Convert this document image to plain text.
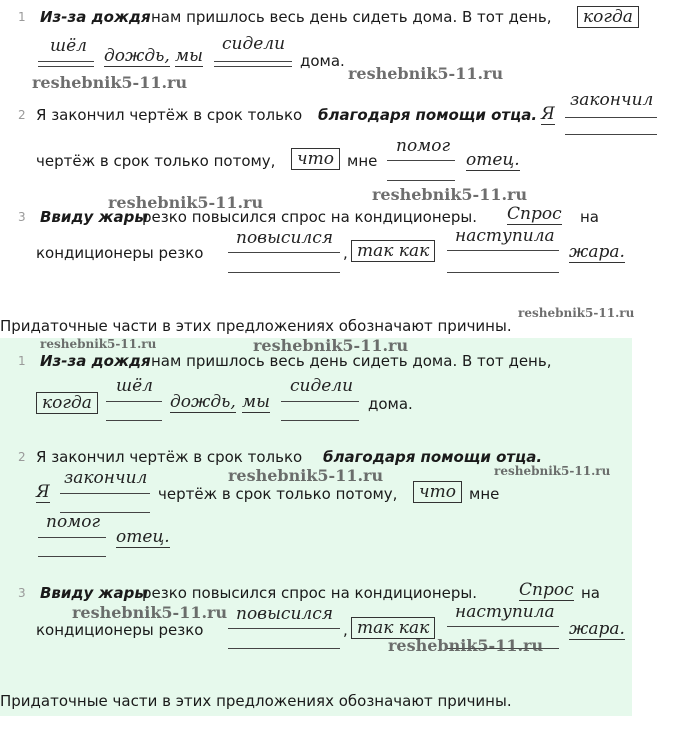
1 Из-за дождя нам пришлось весь день сидеть дома. В тот день,	когда
шёл дождь, мы
сидели
дома.
reshebnik5-11.ru	reshebnik5-11.ru
2 Я закончил чертёж в срок только благодаря помощи отца. Я
закончил
чертёж в срок только потому,	что мне
помог
отец.
reshebnik5-11.ru	reshebnik5-11.ru
3 Ввиду жары
резко повысился спрос на кондиционеры. Спрос на
кондиционеры резко
повысился
, так как
наступила
жара.
reshebnik5-11.ru
Придаточные части в этих предложениях обозначают причины.
reshebnik5-11.ru	reshebnik5-11.ru
1 Из-за дождя нам пришлось весь день сидеть дома. В тот день,
когда
шёл
дождь, мы
сидели
дома.
2 Я закончил чертёж в срок только благодаря помощи отца.
reshebnik5-11.ru
reshebnik5-11.ru
Я
закончил
чертёж в срок только потому,	что мне
помог
отец.
3 Ввиду жары
резко повысился спрос на кондиционеры. Спрос на
reshebnik5-11.ru
кондиционеры резко
повысился
, так как
наступила
жара.
reshebnik5-11.ru
Придаточные части в этих предложениях обозначают причины.
